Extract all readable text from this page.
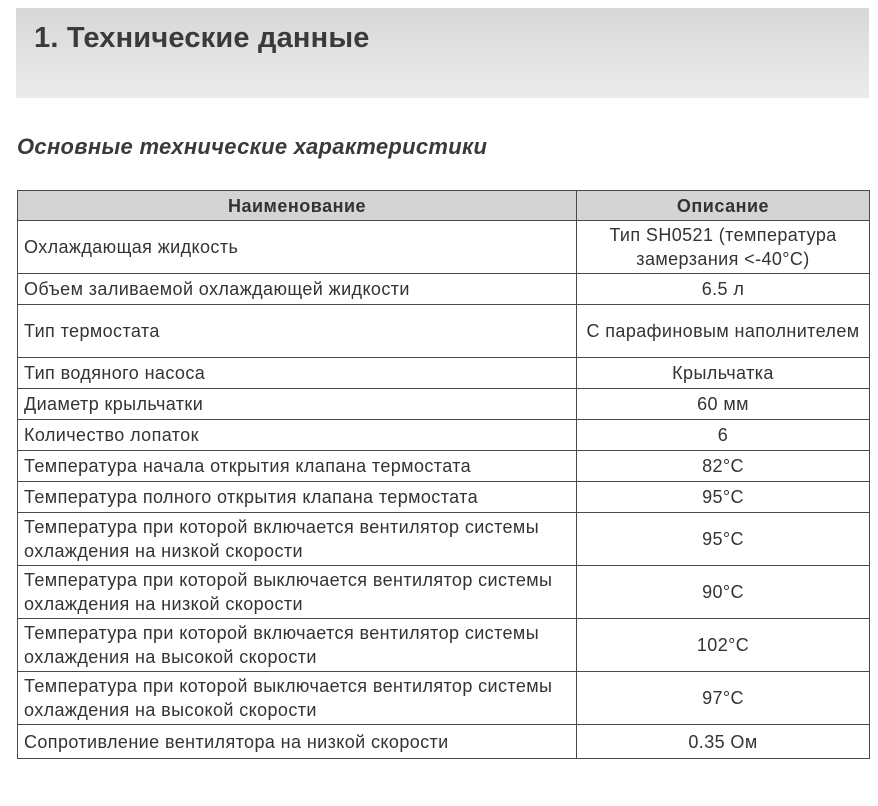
1. Технические данные
Основные технические характеристики
Наименование	Описание
Охлаждающая жидкость	Тип SH0521 (температура замерзания <-40°C)
Объем заливаемой охлаждающей жидкости	6.5 л
Тип термостата	С парафиновым наполнителем
Тип водяного насоса	Крыльчатка
Диаметр крыльчатки	60 мм
Количество лопаток	6
Температура начала открытия клапана термостата	82°C
Температура полного открытия клапана термостата	95°C
Температура при которой включается вентилятор системы охлаждения на низкой скорости	95°C
Температура при которой выключается вентилятор системы охлаждения на низкой скорости	90°C
Температура при которой включается вентилятор системы охлаждения на высокой скорости	102°C
Температура при которой выключается вентилятор системы охлаждения на высокой скорости	97°C
Сопротивление вентилятора на низкой скорости	0.35 Ом
